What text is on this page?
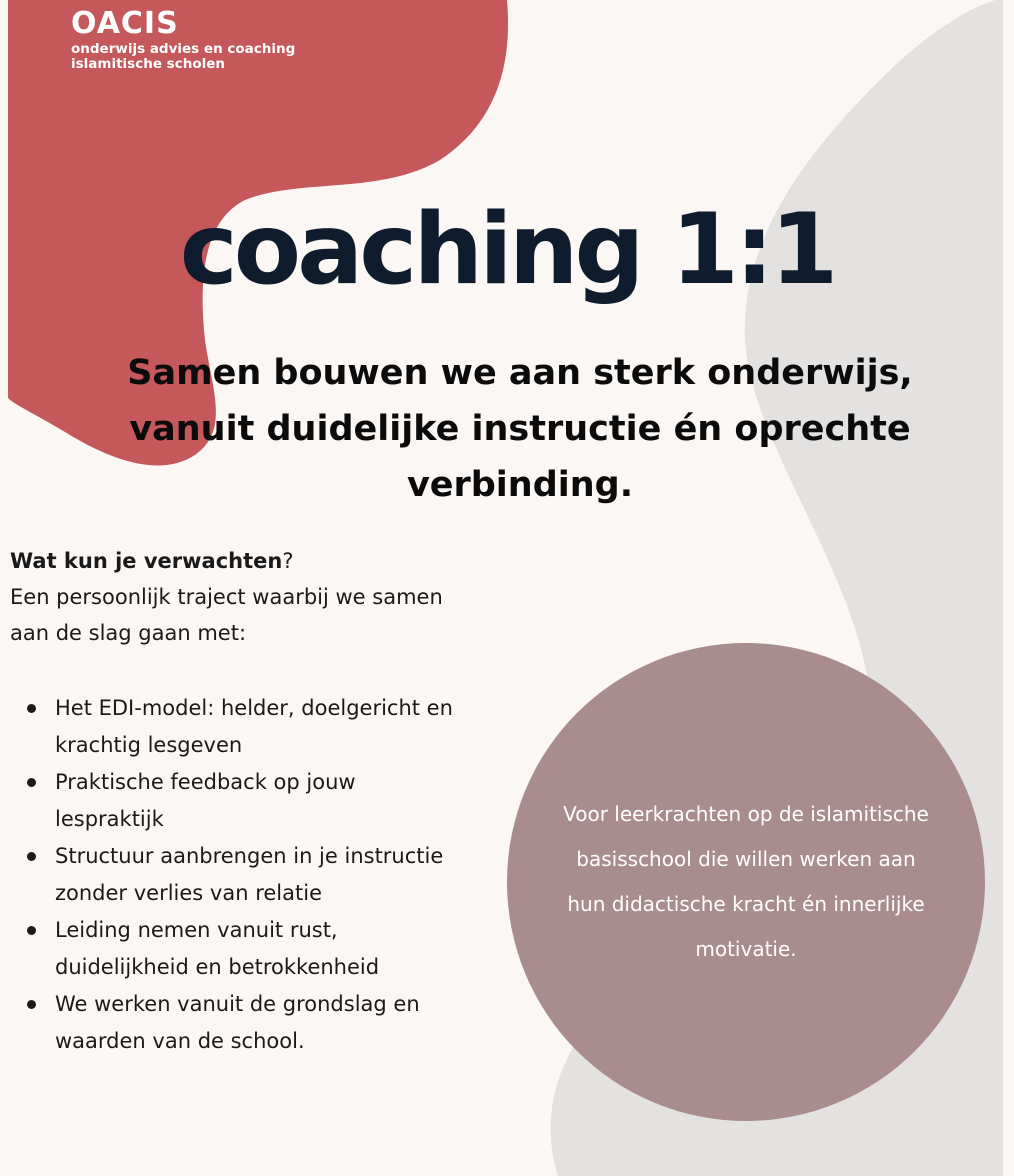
OACIS
onderwijs advies en coaching
islamitische scholen
coaching 1:1
Samen bouwen we aan sterk onderwijs, vanuit duidelijke instructie én oprechte verbinding.
Wat kun je verwachten?
Een persoonlijk traject waarbij we samen aan de slag gaan met:
Het EDI-model: helder, doelgericht en krachtig lesgeven
Praktische feedback op jouw lespraktijk
Structuur aanbrengen in je instructie zonder verlies van relatie
Leiding nemen vanuit rust, duidelijkheid en betrokkenheid
We werken vanuit de grondslag en waarden van de school.
Voor leerkrachten op de islamitische basisschool die willen werken aan hun didactische kracht én innerlijke motivatie.
